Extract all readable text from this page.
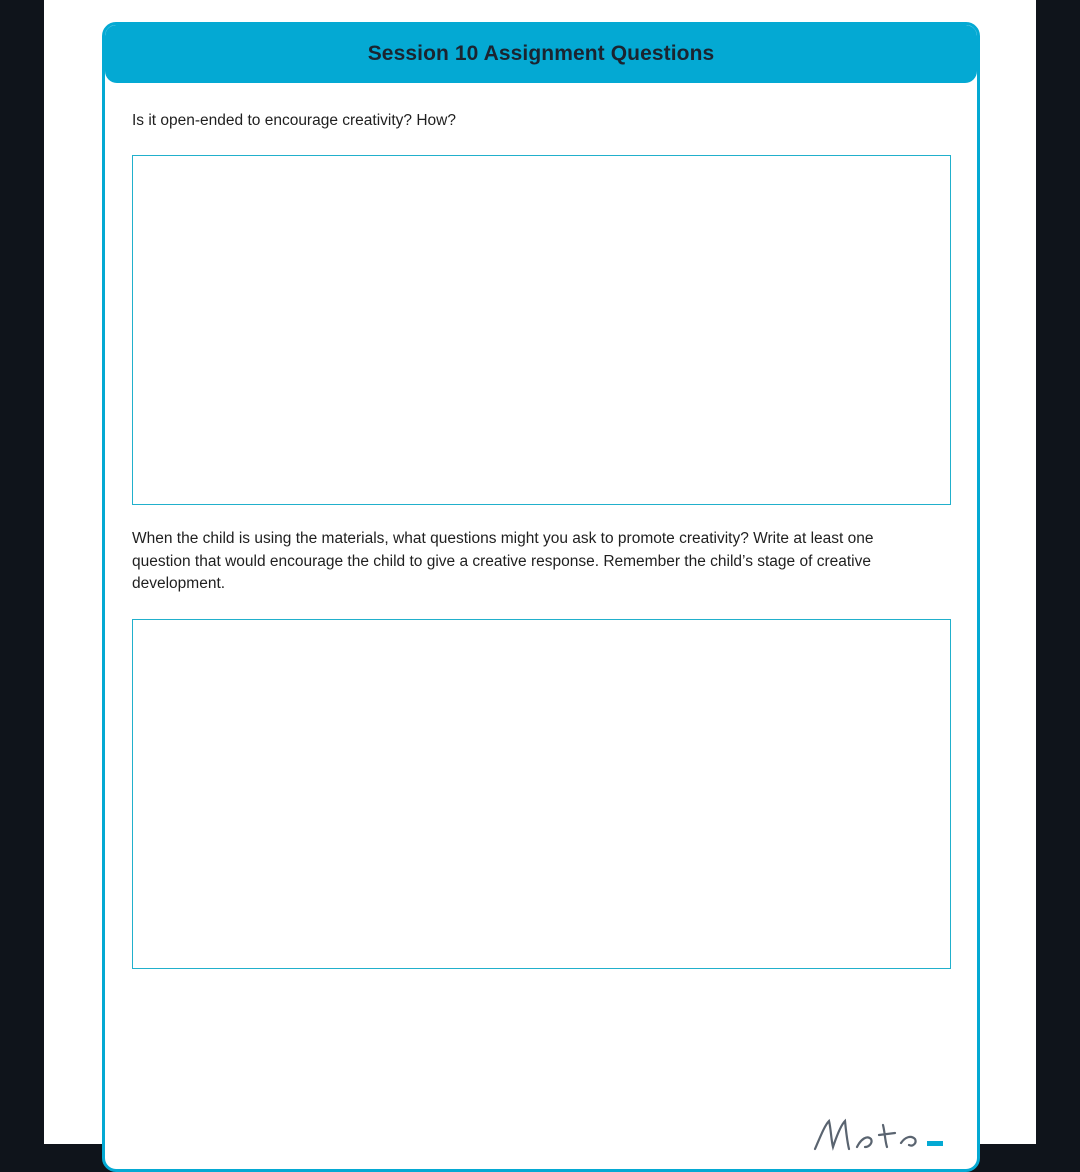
Session 10 Assignment Questions

Is it open-ended to encourage creativity? How?

When the child is using the materials, what questions might you ask to promote creativity? Write at least one question that would encourage the child to give a creative response. Remember the child’s stage of creative development.
